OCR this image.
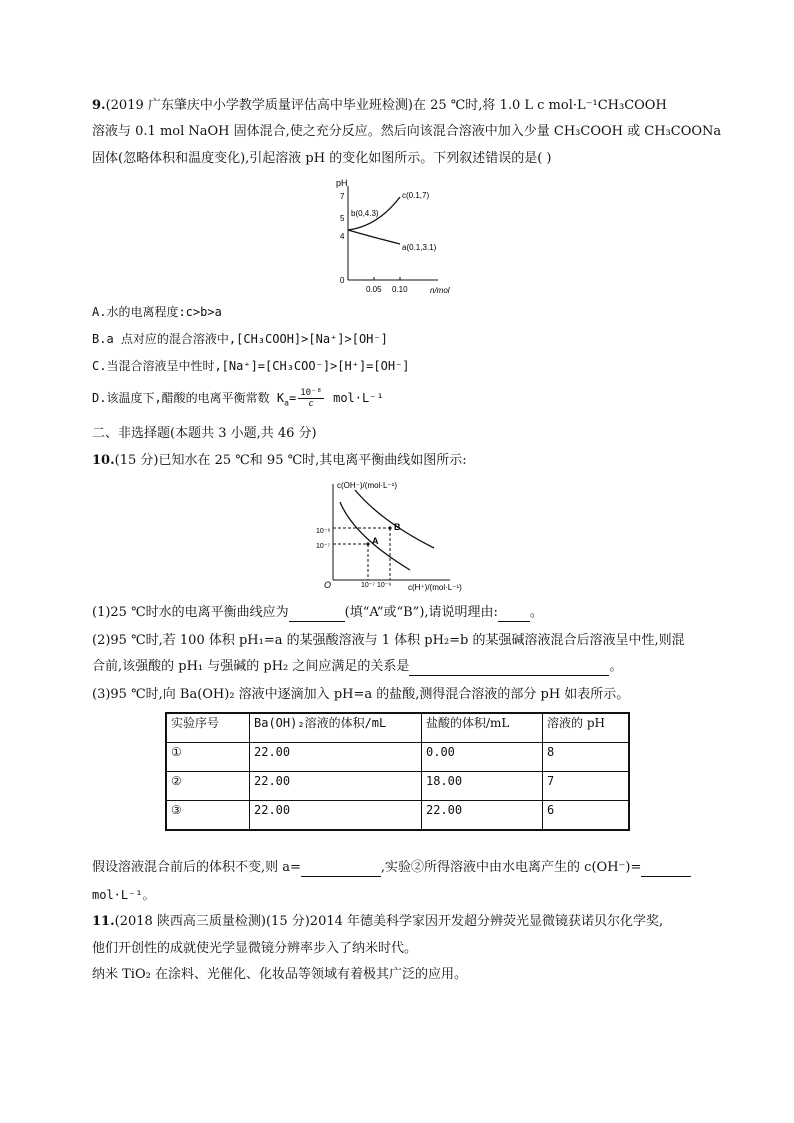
9.(2019 广东肇庆中小学教学质量评估高中毕业班检测)在 25 ℃时,将 1.0 L c mol·L⁻¹CH₃COOH
溶液与 0.1 mol NaOH 固体混合,使之充分反应。然后向该混合溶液中加入少量 CH₃COOH 或 CH₃COONa
固体(忽略体积和温度变化),引起溶液 pH 的变化如图所示。下列叙述错误的是( )
pH
n/mol
7
5
4
0
0.05 0.10
b(0,4.3)
c(0.1,7)
a(0.1,3.1)
A.水的电离程度:c>b>a
B.a 点对应的混合溶液中,[CH₃COOH]>[Na⁺]>[OH⁻]
C.当混合溶液呈中性时,[Na⁺]=[CH₃COO⁻]>[H⁺]=[OH⁻]
D.该温度下,醋酸的电离平衡常数 $K_a= \frac{\text{10⁻⁸}}{c} mol\cdot L^{-1}$
二、非选择题(本题共 3 小题,共 46 分)
10.(15 分)已知水在 25 ℃和 95 ℃时,其电离平衡曲线如图所示:
c(OH⁻)/(mol·L⁻¹)
c(H⁺)/(mol·L⁻¹)
O
10⁻⁶
10⁻⁷
10⁻⁷ 10⁻⁶
A
B
(1)25 ℃时水的电离平衡曲线应为	(填“A”或“B”),请说明理由: 。
(2)95 ℃时,若 100 体积 pH₁=a 的某强酸溶液与 1 体积 pH₂=b 的某强碱溶液混合后溶液呈中性,则混
合前,该强酸的 pH₁ 与强碱的 pH₂ 之间应满足的关系是	。
(3)95 ℃时,向 Ba(OH)₂ 溶液中逐滴加入 pH=a 的盐酸,测得混合溶液的部分 pH 如表所示。
实验序号	Ba(OH)₂溶液的体积/mL	盐酸的体积/mL	溶液的 pH
①	22.00	0.00	8
②	22.00	18.00	7
③	22.00	22.00	6
假设溶液混合前后的体积不变,则 a=	,实验②所得溶液中由水电离产生的 c(OH⁻)=
mol·L⁻¹。
11.(2018 陕西高三质量检测)(15 分)2014 年德美科学家因开发超分辨荧光显微镜获诺贝尔化学奖,
他们开创性的成就使光学显微镜分辨率步入了纳米时代。
纳米 TiO₂ 在涂料、光催化、化妆品等领域有着极其广泛的应用。
